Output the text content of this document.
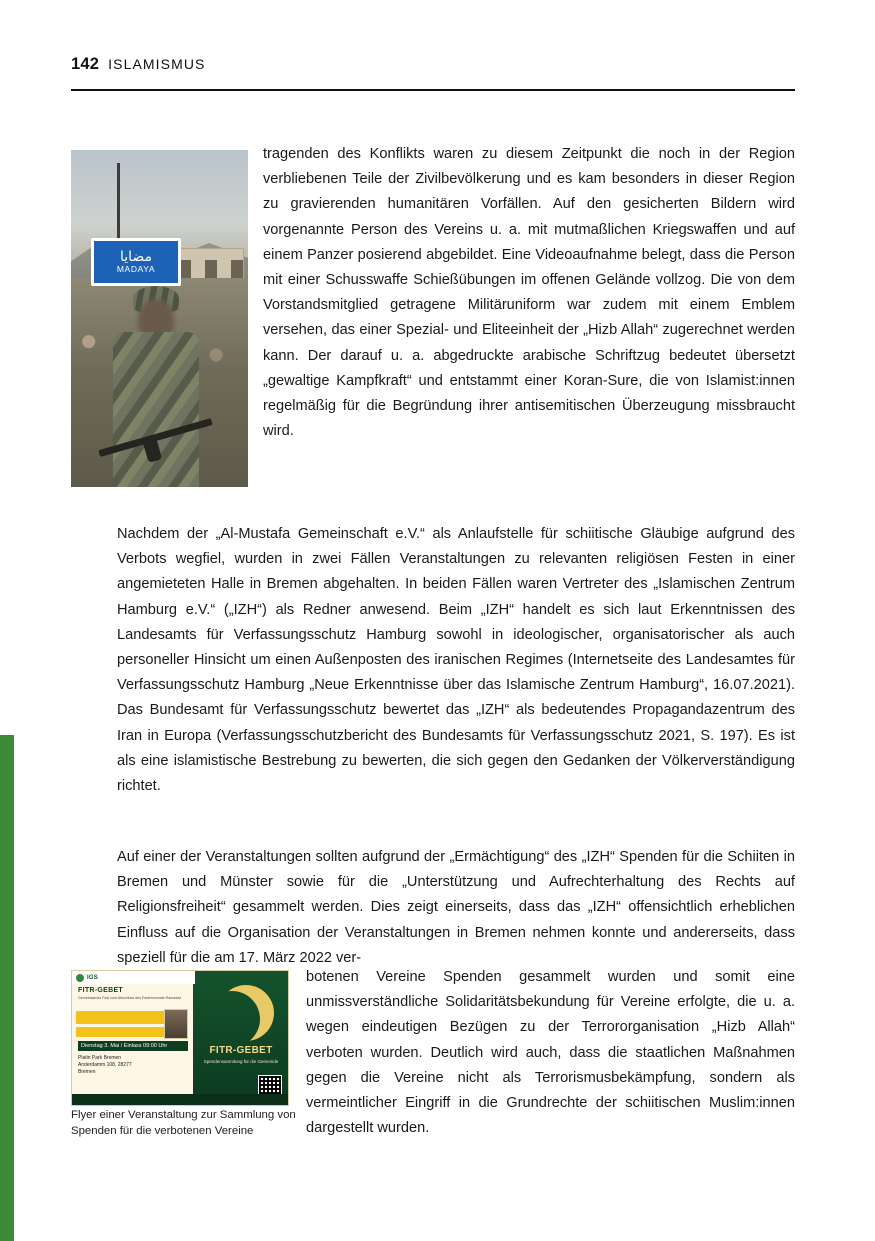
142 ISLAMISMUS
مضايا
MADAYA
tragenden des Konflikts waren zu diesem Zeitpunkt die noch in der Region verbliebenen Teile der Zivilbevölkerung und es kam besonders in dieser Region zu gravierenden humanitären Vorfällen. Auf den gesicherten Bildern wird vorgenannte Person des Vereins u. a. mit mutmaßlichen Kriegswaffen und auf einem Panzer posierend abgebildet. Eine Videoaufnahme belegt, dass die Person mit einer Schusswaffe Schießübungen im offenen Gelände vollzog. Die von dem Vorstandsmitglied getragene Militäruniform war zudem mit einem Emblem versehen, das einer Spezial- und Eliteeinheit der „Hizb Allah“ zugerechnet werden kann. Der darauf u. a. abgedruckte arabische Schriftzug bedeutet übersetzt „gewaltige Kampfkraft“ und entstammt einer Koran-Sure, die von Islamist:innen regelmäßig für die Begründung ihrer antisemitischen Überzeugung missbraucht wird.
Nachdem der „Al-Mustafa Gemeinschaft e.V.“ als Anlaufstelle für schiitische Gläubige aufgrund des Verbots wegfiel, wurden in zwei Fällen Veranstaltungen zu relevanten religiösen Festen in einer angemieteten Halle in Bremen abgehalten. In beiden Fällen waren Vertreter des „Islamischen Zentrum Hamburg e.V.“ („IZH“) als Redner anwesend. Beim „IZH“ handelt es sich laut Erkenntnissen des Landesamts für Verfassungsschutz Hamburg sowohl in ideologischer, organisatorischer als auch personeller Hinsicht um einen Außenposten des iranischen Regimes (Internetseite des Landesamtes für Verfassungsschutz Hamburg „Neue Erkenntnisse über das Islamische Zentrum Hamburg“, 16.07.2021). Das Bundesamt für Verfassungsschutz bewertet das „IZH“ als bedeutendes Propagandazentrum des Iran in Europa (Verfassungsschutzbericht des Bundesamts für Verfassungsschutz 2021, S. 197). Es ist als eine islamistische Bestrebung zu bewerten, die sich gegen den Gedanken der Völkerverständigung richtet.
Auf einer der Veranstaltungen sollten aufgrund der „Ermächtigung“ des „IZH“ Spenden für die Schiiten in Bremen und Münster sowie für die „Unterstützung und Aufrechterhaltung des Rechts auf Religionsfreiheit“ gesammelt werden. Dies zeigt einerseits, dass das „IZH“ offensichtlich erheblichen Einfluss auf die Organisation der Veranstaltungen in Bremen nehmen konnte und andererseits, dass speziell für die am 17. März 2022 ver-
botenen Vereine Spenden gesammelt wurden und somit eine unmissverständliche Solidaritätsbekundung für Vereine erfolgte, die u. a. wegen eindeutigen Bezügen zu der Terrororganisation „Hizb Allah“ verboten wurden. Deutlich wird auch, dass die staatlichen Maßnahmen gegen die Vereine nicht als Terrorismusbekämpfung, sondern als vermeintlicher Eingriff in die Grundrechte der schiitischen Muslim:innen dargestellt wurden.
IGS
FITR-GEBET
Gemeinsames Fest zum Abschluss des Fastenmonats Ramadan
Dienstag 3. Mai / Einlass 09:00 Uhr
Platin Park Bremen Arsterdamm 108, 28277 Bremen
FITR-GEBET
Spendensammlung für die Gemeinde
Flyer einer Veranstaltung zur Sammlung von Spenden für die verbotenen Vereine
